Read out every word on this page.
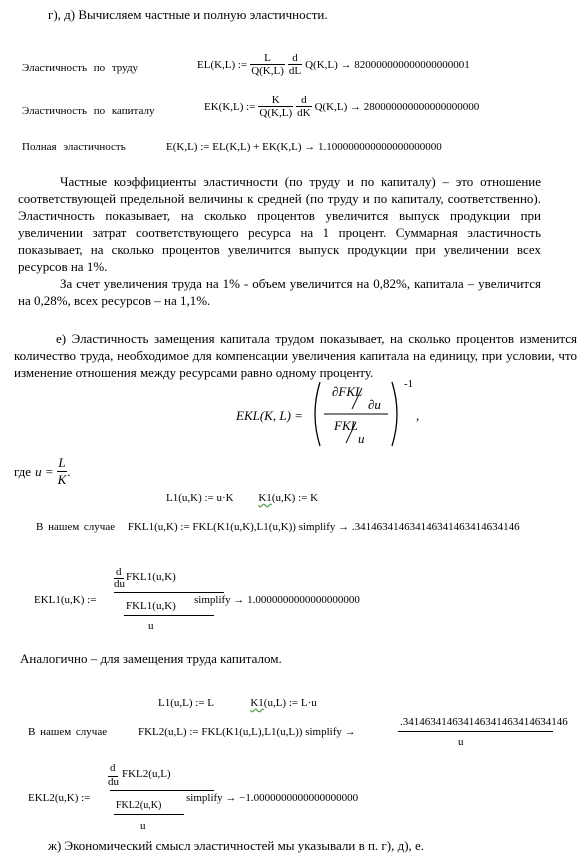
г), д) Вычисляем частные и полную эластичности.
Эластичность по труду	EL(K,L) := $\frac{L}{Q(K,L)} \frac{d}{dL} Q(K,L) \to 820000000000000000001$
Эластичность по капиталу	EK(K,L) := $\frac{K}{Q(K,L)} \frac{d}{dK} Q(K,L) \to 280000000000000000000$
Полная эластичность	E(K,L) := EL(K,L) + EK(K,L) → 1.100000000000000000000
Частные коэффициенты эластичности (по труду и по капиталу) – это отношение соответствующей предельной величины к средней (по труду и по капиталу, соответственно). Эластичность показывает, на сколько процентов увеличится выпуск продукции при увеличении затрат соответствующего ресурса на 1 процент. Суммарная эластичность показывает, на сколько процентов увеличится выпуск продукции при увеличении всех ресурсов на 1%.
За счет увеличения труда на 1% - объем увеличится на 0,82%, капитала – увеличится на 0,28%, всех ресурсов – на 1,1%.
е) Эластичность замещения капитала трудом показывает, на сколько процентов изменится количество труда, необходимое для компенсации увеличения капитала на единицу, при условии, что изменение отношения между ресурсами равно одному проценту.
EKL(K, L) =
∂FKL
∂u
FKL
u
-1
,
где $u = \frac{L}{K}$ .
L1(u,K) := u·K K1(u,K) := K
В нашем случае FKL1(u,K) := FKL(K1(u,K),L1(u,K)) simplify → .341463414634146341463414634146
EKL1(u,K) :=
d
du
FKL1(u,K)
FKL1(u,K)
u
simplify → 1.0000000000000000000
Аналогично – для замещения труда капиталом.
L1(u,L) := L	K1(u,L) := L·u
В нашем случае	FKL2(u,L) := FKL(K1(u,L),L1(u,L)) simplify →
.341463414634146341463414634146
u
EKL2(u,K) :=
d
du
FKL2(u,L)
FKL2(u,K)
u
simplify → −1.0000000000000000000
ж) Экономический смысл эластичностей мы указывали в п. г), д), е.
